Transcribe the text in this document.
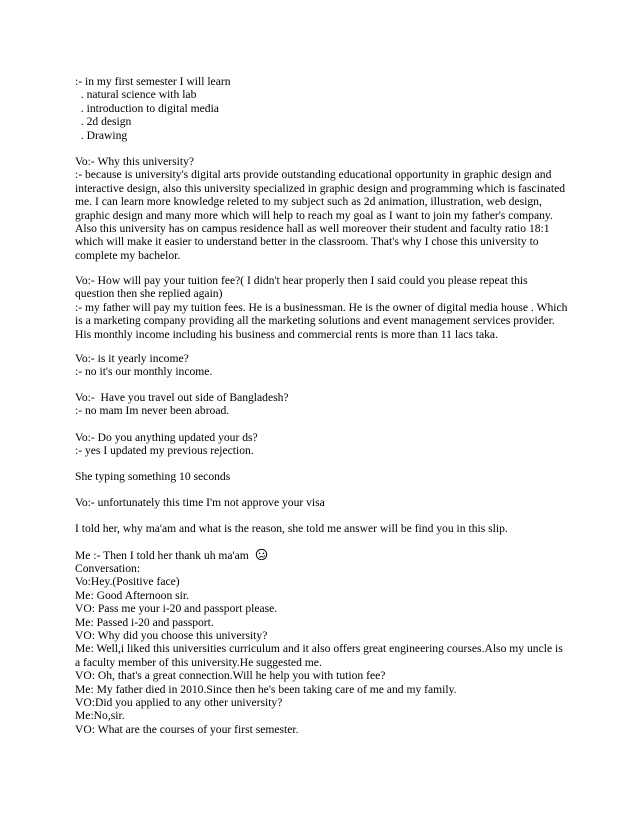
:- in my first semester I will learn
. natural science with lab
. introduction to digital media
. 2d design
. Drawing
Vo:- Why this university?
:- because is university's digital arts provide outstanding educational opportunity in graphic design and
interactive design, also this university specialized in graphic design and programming which is fascinated
me. I can learn more knowledge releted to my subject such as 2d animation, illustration, web design,
graphic design and many more which will help to reach my goal as I want to join my father's company.
Also this university has on campus residence hall as well moreover their student and faculty ratio 18:1
which will make it easier to understand better in the classroom. That's why I chose this university to
complete my bachelor.
Vo:- How will pay your tuition fee?( I didn't hear properly then I said could you please repeat this
question then she replied again)
:- my father will pay my tuition fees. He is a businessman. He is the owner of digital media house . Which
is a marketing company providing all the marketing solutions and event management services provider.
His monthly income including his business and commercial rents is more than 11 lacs taka.
Vo:- is it yearly income?
:- no it's our monthly income.
Vo:-  Have you travel out side of Bangladesh?
:- no mam Im never been abroad.
Vo:- Do you anything updated your ds?
:- yes I updated my previous rejection.
She typing something 10 seconds
Vo:- unfortunately this time I'm not approve your visa
I told her, why ma'am and what is the reason, she told me answer will be find you in this slip.
Me :- Then I told her thank uh ma'am
Conversation:
Vo:Hey.(Positive face)
Me: Good Afternoon sir.
VO: Pass me your i-20 and passport please.
Me: Passed i-20 and passport.
VO: Why did you choose this university?
Me: Well,i liked this universities curriculum and it also offers great engineering courses.Also my uncle is
a faculty member of this university.He suggested me.
VO: Oh, that's a great connection.Will he help you with tution fee?
Me: My father died in 2010.Since then he's been taking care of me and my family.
VO:Did you applied to any other university?
Me:No,sir.
VO: What are the courses of your first semester.
